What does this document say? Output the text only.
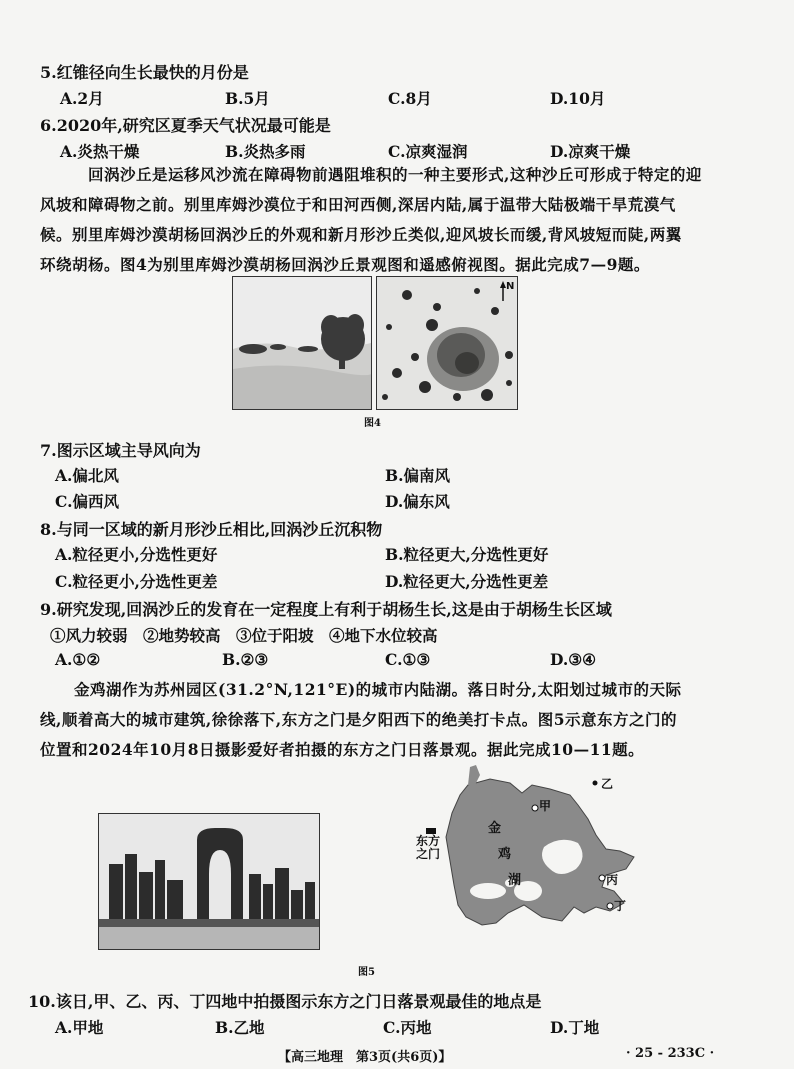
5.红锥径向生长最快的月份是
A.2月	B.5月	C.8月	D.10月
6.2020年,研究区夏季天气状况最可能是
A.炎热干燥	B.炎热多雨	C.凉爽湿润	D.凉爽干燥

回涡沙丘是运移风沙流在障碍物前遇阻堆积的一种主要形式,这种沙丘可形成于特定的迎

风坡和障碍物之前。别里库姆沙漠位于和田河西侧,深居内陆,属于温带大陆极端干旱荒漠气

候。别里库姆沙漠胡杨回涡沙丘的外观和新月形沙丘类似,迎风坡长而缓,背风坡短而陡,两翼

环绕胡杨。图4为别里库姆沙漠胡杨回涡沙丘景观图和遥感俯视图。据此完成7—9题。

N
图4
7.图示区域主导风向为
A.偏北风	B.偏南风
C.偏西风	D.偏东风
8.与同一区域的新月形沙丘相比,回涡沙丘沉积物
A.粒径更小,分选性更好	B.粒径更大,分选性更好
C.粒径更小,分选性更差	D.粒径更大,分选性更差
9.研究发现,回涡沙丘的发育在一定程度上有利于胡杨生长,这是由于胡杨生长区域
①风力较弱　②地势较高　③位于阳坡　④地下水位较高
A.①②	B.②③	C.①③	D.③④

金鸡湖作为苏州园区(31.2°N,121°E)的城市内陆湖。落日时分,太阳划过城市的天际

线,顺着高大的城市建筑,徐徐落下,东方之门是夕阳西下的绝美打卡点。图5示意东方之门的

位置和2024年10月8日摄影爱好者拍摄的东方之门日落景观。据此完成10—11题。

金
鸡
湖
东方
之门
甲
乙
丙
丁
图5
10.该日,甲、乙、丙、丁四地中拍摄图示东方之门日落景观最佳的地点是
A.甲地	B.乙地	C.丙地	D.丁地
【高三地理　第3页(共6页)】	· 25 - 233C ·
